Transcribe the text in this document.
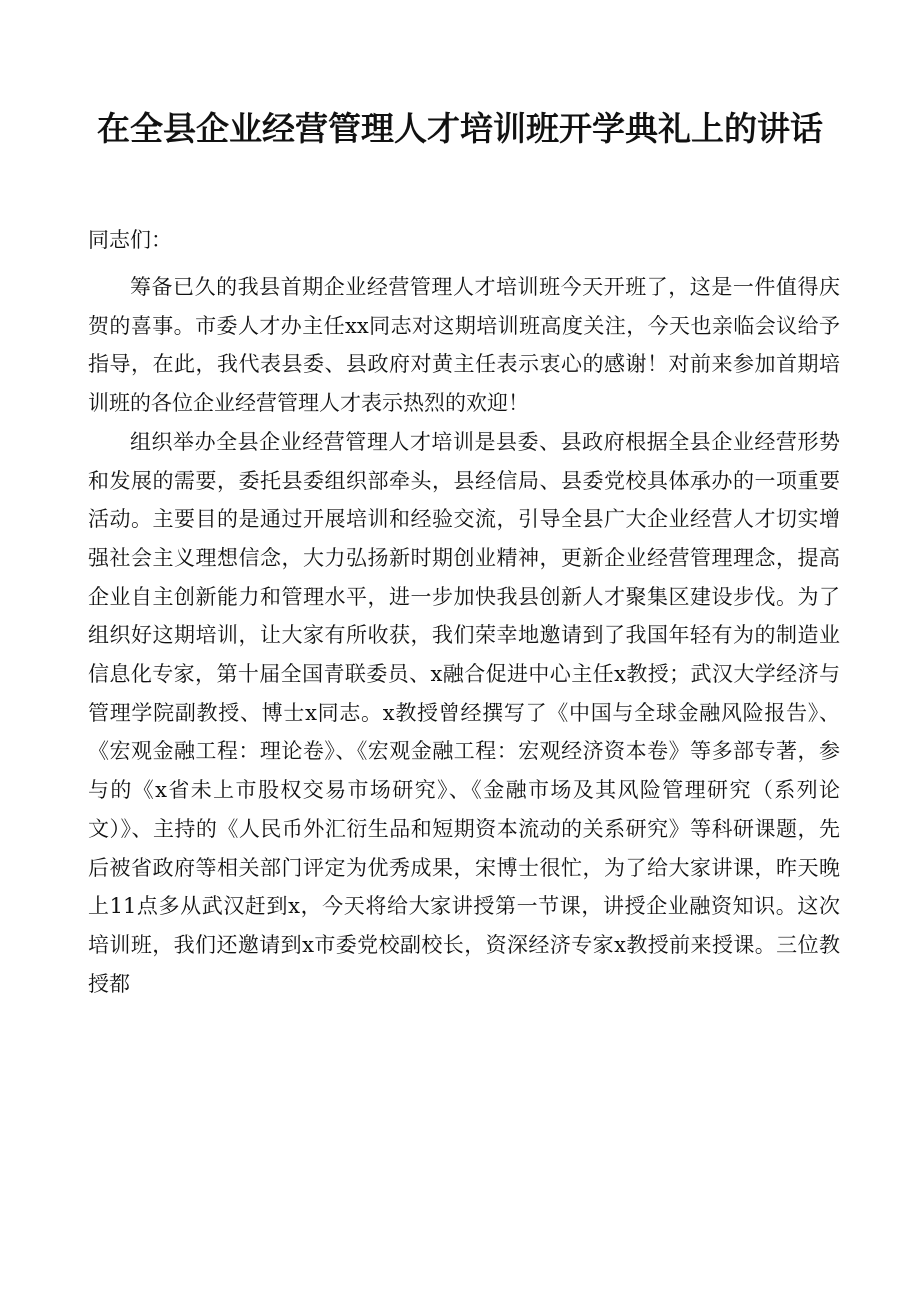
在全县企业经营管理人才培训班开学典礼上的讲话

同志们：

筹备已久的我县首期企业经营管理人才培训班今天开班了，这是一件值得庆贺的喜事。市委人才办主任xx同志对这期培训班高度关注，今天也亲临会议给予指导，在此，我代表县委、县政府对黄主任表示衷心的感谢！对前来参加首期培训班的各位企业经营管理人才表示热烈的欢迎！

组织举办全县企业经营管理人才培训是县委、县政府根据全县企业经营形势和发展的需要，委托县委组织部牵头，县经信局、县委党校具体承办的一项重要活动。主要目的是通过开展培训和经验交流，引导全县广大企业经营人才切实增强社会主义理想信念，大力弘扬新时期创业精神，更新企业经营管理理念，提高企业自主创新能力和管理水平，进一步加快我县创新人才聚集区建设步伐。为了组织好这期培训，让大家有所收获，我们荣幸地邀请到了我国年轻有为的制造业信息化专家，第十届全国青联委员、x融合促进中心主任x教授；武汉大学经济与管理学院副教授、博士x同志。x教授曾经撰写了《中国与全球金融风险报告》、《宏观金融工程：理论卷》、《宏观金融工程：宏观经济资本卷》等多部专著，参与的《x省未上市股权交易市场研究》、《金融市场及其风险管理研究（系列论文）》、主持的《人民币外汇衍生品和短期资本流动的关系研究》等科研课题，先后被省政府等相关部门评定为优秀成果，宋博士很忙，为了给大家讲课，昨天晚上11点多从武汉赶到x，今天将给大家讲授第一节课，讲授企业融资知识。这次培训班，我们还邀请到x市委党校副校长，资深经济专家x教授前来授课。三位教授都
